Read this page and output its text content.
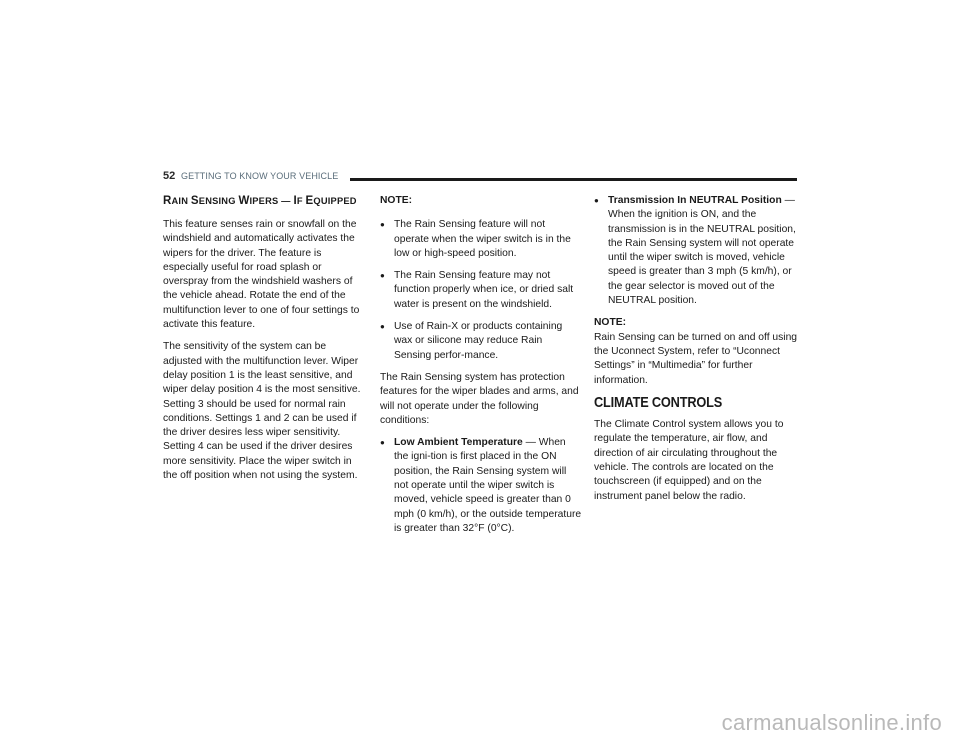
52 GETTING TO KNOW YOUR VEHICLE
RAIN SENSING WIPERS — IF EQUIPPED

This feature senses rain or snowfall on the windshield and automatically activates the wipers for the driver. The feature is especially useful for road splash or overspray from the windshield washers of the vehicle ahead. Rotate the end of the multifunction lever to one of four settings to activate this feature.

The sensitivity of the system can be adjusted with the multifunction lever. Wiper delay position 1 is the least sensitive, and wiper delay position 4 is the most sensitive. Setting 3 should be used for normal rain conditions. Settings 1 and 2 can be used if the driver desires less wiper sensitivity. Setting 4 can be used if the driver desires more sensitivity. Place the wiper switch in the off position when not using the system.

NOTE:
● The Rain Sensing feature will not operate when the wiper switch is in the low or high-speed position.
● The Rain Sensing feature may not function properly when ice, or dried salt water is present on the windshield.
● Use of Rain-X or products containing wax or silicone may reduce Rain Sensing perfor-mance.

The Rain Sensing system has protection features for the wiper blades and arms, and will not operate under the following conditions:

● Low Ambient Temperature — When the igni-tion is first placed in the ON position, the Rain Sensing system will not operate until the wiper switch is moved, vehicle speed is greater than 0 mph (0 km/h), or the outside temperature is greater than 32°F (0°C).
● Transmission In NEUTRAL Position — When the ignition is ON, and the transmission is in the NEUTRAL position, the Rain Sensing system will not operate until the wiper switch is moved, vehicle speed is greater than 3 mph (5 km/h), or the gear selector is moved out of the NEUTRAL position.
NOTE:

Rain Sensing can be turned on and off using the Uconnect System, refer to “Uconnect Settings” in “Multimedia” for further information.

CLIMATE CONTROLS

The Climate Control system allows you to regulate the temperature, air flow, and direction of air circulating throughout the vehicle. The controls are located on the touchscreen (if equipped) and on the instrument panel below the radio.

carmanualsonline.info
